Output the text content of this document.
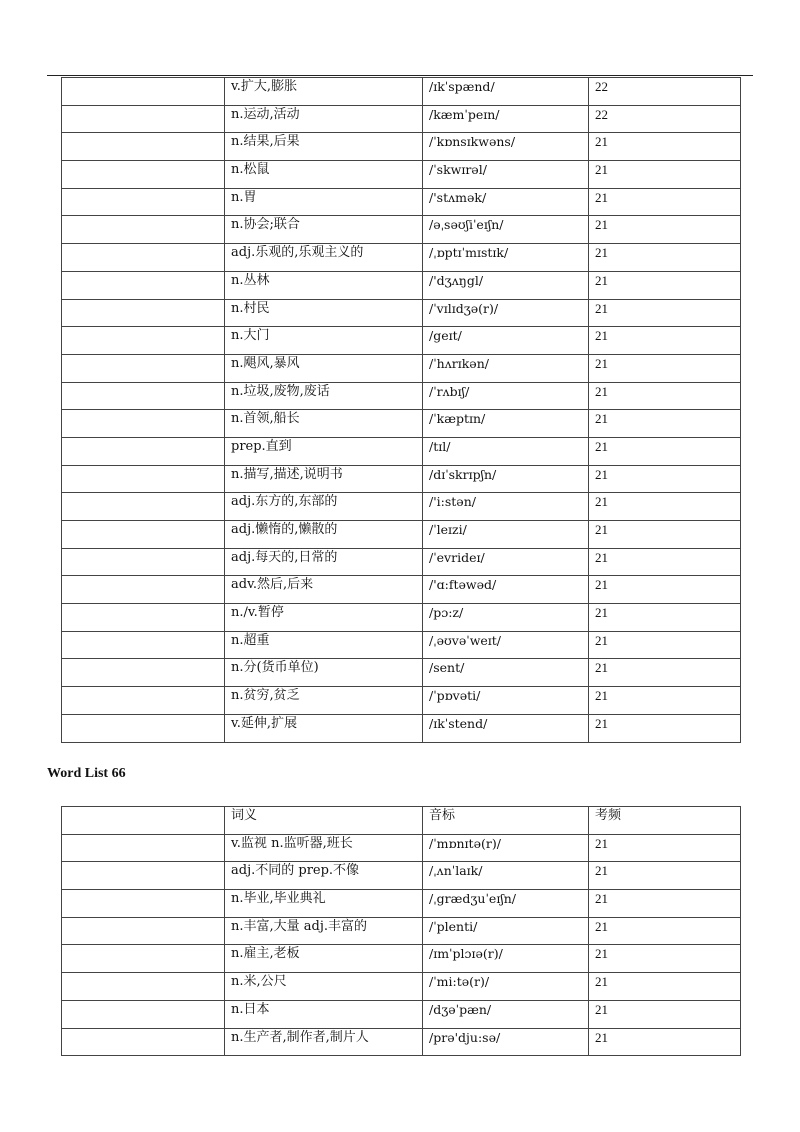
	v.扩大,膨胀	/ɪkˈspænd/	22
	n.运动,活动	/kæmˈpeɪn/	22
	n.结果,后果	/ˈkɒnsɪkwəns/	21
	n.松鼠	/ˈskwɪrəl/	21
	n.胃	/'stʌmək/	21
	n.协会;联合	/əˌsəʊʃiˈeɪʃn/	21
	adj.乐观的,乐观主义的	/ˌɒptɪˈmɪstɪk/	21
	n.丛林	/'dʒʌŋgl/	21
	n.村民	/ˈvɪlɪdʒə(r)/	21
	n.大门	/geɪt/	21
	n.飓风,暴风	/ˈhʌrɪkən/	21
	n.垃圾,废物,废话	/ˈrʌbɪʃ/	21
	n.首领,船长	/ˈkæptɪn/	21
	prep.直到	/tɪl/	21
	n.描写,描述,说明书	/dɪˈskrɪpʃn/	21
	adj.东方的,东部的	/'i:stən/	21
	adj.懒惰的,懒散的	/ˈleɪzi/	21
	adj.每天的,日常的	/ˈevrideɪ/	21
	adv.然后,后来	/'ɑ:ftəwəd/	21
	n./v.暂停	/pɔ:z/	21
	n.超重	/ˌəʊvəˈweɪt/	21
	n.分(货币单位)	/sent/	21
	n.贫穷,贫乏	/ˈpɒvəti/	21
	v.延伸,扩展	/ɪkˈstend/	21
Word List 66
	词义	音标	考频
	v.监视 n.监听器,班长	/ˈmɒnɪtə(r)/	21
	adj.不同的 prep.不像	/ˌʌnˈlaɪk/	21
	n.毕业,毕业典礼	/ˌgrædʒuˈeɪʃn/	21
	n.丰富,大量 adj.丰富的	/ˈplenti/	21
	n.雇主,老板	/ɪmˈplɔɪə(r)/	21
	n.米,公尺	/ˈmi:tə(r)/	21
	n.日本	/dʒəˈpæn/	21
	n.生产者,制作者,制片人	/prə'dju:sə/	21
